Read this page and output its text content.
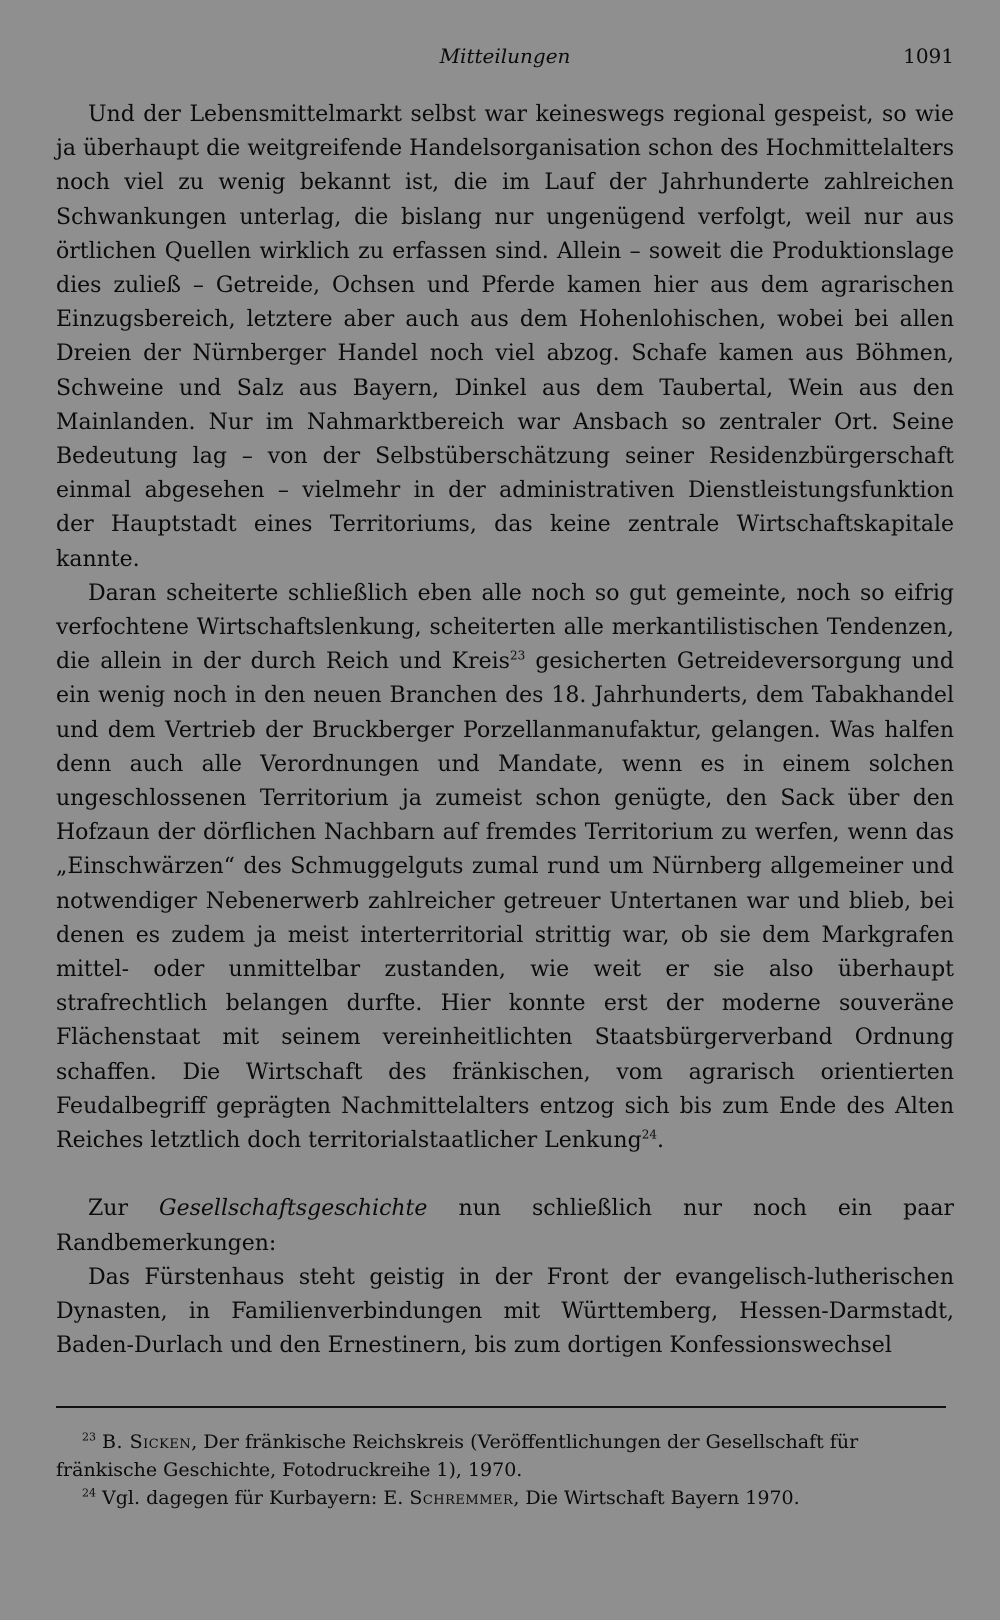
Mitteilungen	1091

Und der Lebensmittelmarkt selbst war keineswegs regional gespeist, so wie ja überhaupt die weitgreifende Handelsorganisation schon des Hochmittelalters noch viel zu wenig bekannt ist, die im Lauf der Jahrhunderte zahlreichen Schwankungen unterlag, die bislang nur ungenügend verfolgt, weil nur aus örtlichen Quellen wirklich zu erfassen sind. Allein – soweit die Produktionslage dies zuließ – Getreide, Ochsen und Pferde kamen hier aus dem agrarischen Einzugsbereich, letztere aber auch aus dem Hohenlohischen, wobei bei allen Dreien der Nürnberger Handel noch viel abzog. Schafe kamen aus Böhmen, Schweine und Salz aus Bayern, Dinkel aus dem Taubertal, Wein aus den Mainlanden. Nur im Nahmarktbereich war Ansbach so zentraler Ort. Seine Bedeutung lag – von der Selbstüberschätzung seiner Residenzbürgerschaft einmal abgesehen – vielmehr in der administrativen Dienstleistungsfunktion der Hauptstadt eines Territoriums, das keine zentrale Wirtschaftskapitale kannte.

Daran scheiterte schließlich eben alle noch so gut gemeinte, noch so eifrig verfochtene Wirtschaftslenkung, scheiterten alle merkantilistischen Tendenzen, die allein in der durch Reich und Kreis$^{23}$ gesicherten Getreideversorgung und ein wenig noch in den neuen Branchen des 18. Jahrhunderts, dem Tabakhandel und dem Vertrieb der Bruckberger Porzellanmanufaktur, gelangen. Was halfen denn auch alle Verordnungen und Mandate, wenn es in einem solchen ungeschlossenen Territorium ja zumeist schon genügte, den Sack über den Hofzaun der dörflichen Nachbarn auf fremdes Territorium zu werfen, wenn das „Einschwärzen“ des Schmuggelguts zumal rund um Nürnberg allgemeiner und notwendiger Nebenerwerb zahlreicher getreuer Untertanen war und blieb, bei denen es zudem ja meist interterritorial strittig war, ob sie dem Markgrafen mittel- oder unmittelbar zustanden, wie weit er sie also überhaupt strafrechtlich belangen durfte. Hier konnte erst der moderne souveräne Flächenstaat mit seinem vereinheitlichten Staatsbürgerverband Ordnung schaffen. Die Wirtschaft des fränkischen, vom agrarisch orientierten Feudalbegriff geprägten Nachmittelalters entzog sich bis zum Ende des Alten Reiches letztlich doch territorialstaatlicher Lenkung$^{24}$.

Zur Gesellschaftsgeschichte nun schließlich nur noch ein paar Randbemerkungen:

Das Fürstenhaus steht geistig in der Front der evangelisch-lutherischen Dynasten, in Familienverbindungen mit Württemberg, Hessen-Darmstadt, Baden-Durlach und den Ernestinern, bis zum dortigen Konfessionswechsel

$^{23}$ B. Sicken, Der fränkische Reichskreis (Veröffentlichungen der Gesellschaft für fränkische Geschichte, Fotodruckreihe 1), 1970.

$^{24}$ Vgl. dagegen für Kurbayern: E. Schremmer, Die Wirtschaft Bayern 1970.
